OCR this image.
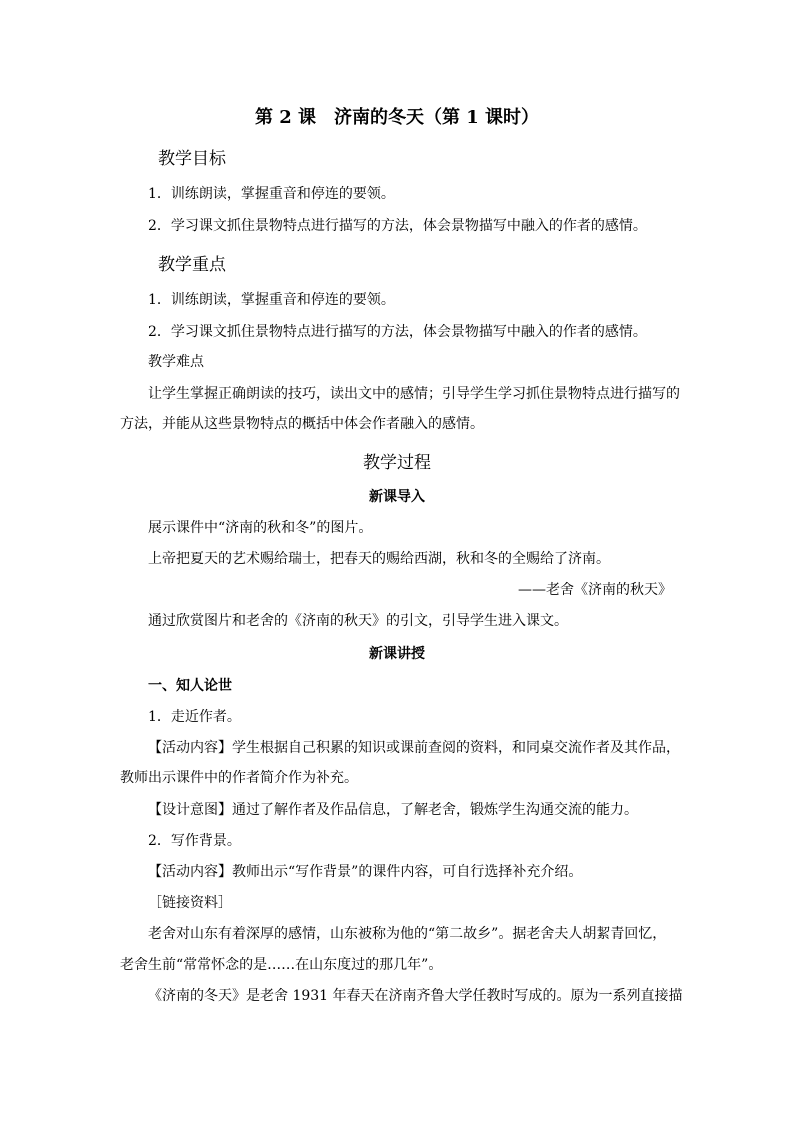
第 2 课　济南的冬天（第 1 课时）
教学目标
1．训练朗读，掌握重音和停连的要领。
2．学习课文抓住景物特点进行描写的方法，体会景物描写中融入的作者的感情。
教学重点
1．训练朗读，掌握重音和停连的要领。
2．学习课文抓住景物特点进行描写的方法，体会景物描写中融入的作者的感情。
教学难点
让学生掌握正确朗读的技巧，读出文中的感情；引导学生学习抓住景物特点进行描写的
方法，并能从这些景物特点的概括中体会作者融入的感情。
教学过程
新课导入
展示课件中“济南的秋和冬”的图片。
上帝把夏天的艺术赐给瑞士，把春天的赐给西湖，秋和冬的全赐给了济南。
——老舍《济南的秋天》
通过欣赏图片和老舍的《济南的秋天》的引文，引导学生进入课文。
新课讲授
一、知人论世
1．走近作者。
【活动内容】学生根据自己积累的知识或课前查阅的资料，和同桌交流作者及其作品，
教师出示课件中的作者简介作为补充。
【设计意图】通过了解作者及作品信息，了解老舍，锻炼学生沟通交流的能力。
2．写作背景。
【活动内容】教师出示“写作背景”的课件内容，可自行选择补充介绍。
［链接资料］
老舍对山东有着深厚的感情，山东被称为他的“第二故乡”。据老舍夫人胡絜青回忆，
老舍生前“常常怀念的是……在山东度过的那几年”。
《济南的冬天》是老舍 1931 年春天在济南齐鲁大学任教时写成的。原为一系列直接描
